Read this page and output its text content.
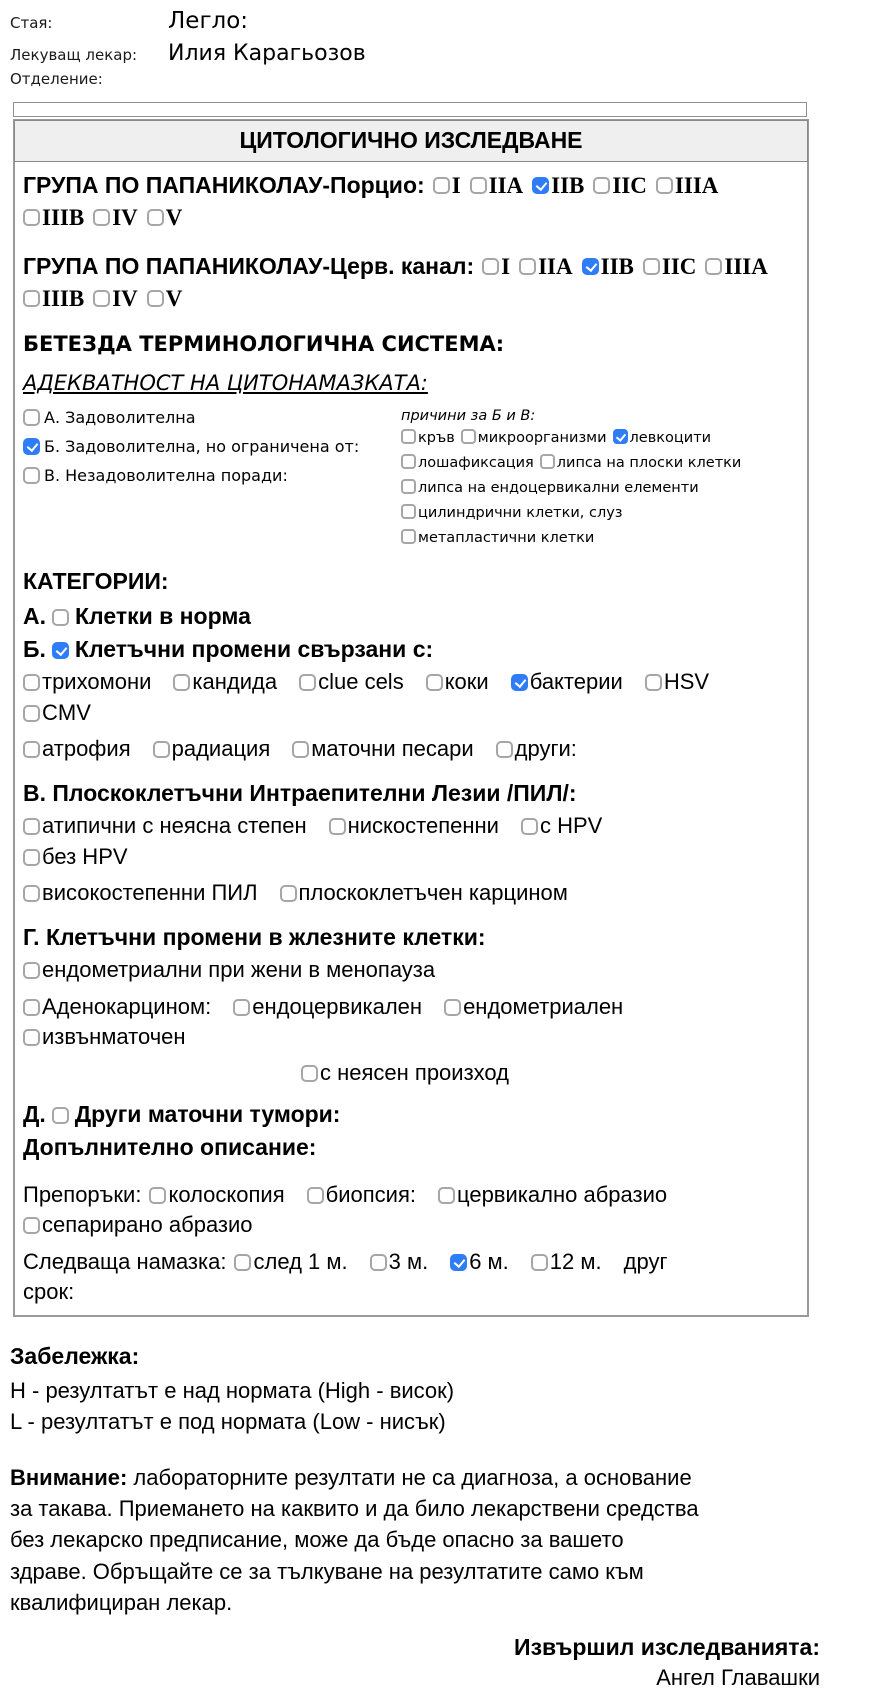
Стая:	Легло:
Лекуващ лекар:	Илия Карагьозов
Отделение:
ЦИТОЛОГИЧНО ИЗСЛЕДВАНЕ
ГРУПА ПО ПАПАНИКОЛАУ-Порцио: I IIA IIB IIC IIIAIIIB IV V
ГРУПА ПО ПАПАНИКОЛАУ-Церв. канал: I IIA IIB IIC IIIAIIIB IV V
БЕТЕЗДА ТЕРМИНОЛОГИЧНА СИСТЕМА:
АДЕКВАТНОСТ НА ЦИТОНАМАЗКАТА:
А. Задоволителна
Б. Задоволителна, но ограничена от:
В. Незадоволителна поради:
причини за Б и В:
кръв микроорганизми левкоцити
лошафиксация липса на плоски клетки
липса на ендоцервикални елементи
цилиндрични клетки, слуз
метапластични клетки
КАТЕГОРИИ:
А. Клетки в норма
Б. Клетъчни промени свързани с:
трихомони кандида clue cels коки бактерии HSVCMV
атрофия радиация маточни песари други:
В. Плоскоклетъчни Интраепителни Лезии /ПИЛ/:
атипични с неясна степен нискостепенни с HPVбез HPV
високостепенни ПИЛ плоскоклетъчен карцином
Г. Клетъчни промени в жлезните клетки:
ендометриални при жени в менопауза
Аденокарцином: ендоцервикален ендометриаленизвънматочен
с неясен произход
Д. Други маточни тумори:
Допълнително описание:
Препоръки: колоскопия биопсия: цервикално абразиосепарирано абразио
Следваща намазка: след 1 м. 3 м. 6 м. 12 м. друг срок:
Забележка:
H - резултатът е над нормата (High - висок)
L - резултатът е под нормата (Low - нисък)
Внимание: лабораторните резултати не са диагноза, а основание за такава. Приемането на каквито и да било лекарствени средства без лекарско предписание, може да бъде опасно за вашето здраве. Обръщайте се за тълкуване на резултатите само към квалифициран лекар.
Извършил изследванията:
Ангел Главашки
